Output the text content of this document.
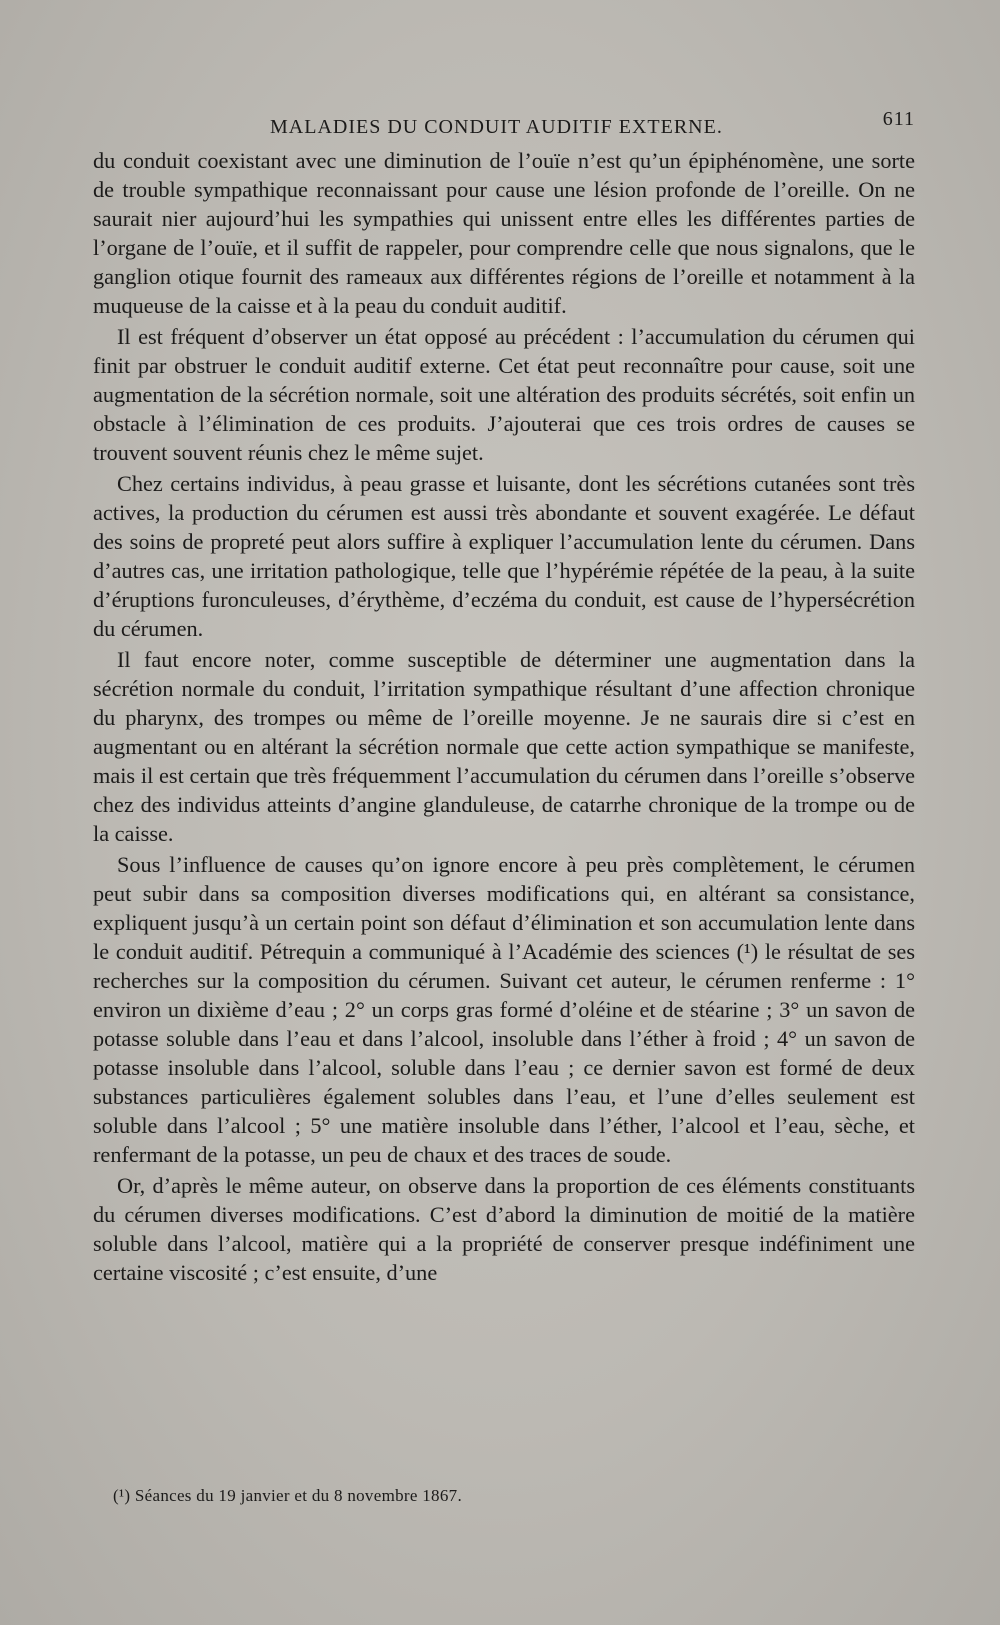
MALADIES DU CONDUIT AUDITIF EXTERNE.	611

du conduit coexistant avec une diminution de l’ouïe n’est qu’un épiphénomène, une sorte de trouble sympathique reconnaissant pour cause une lésion profonde de l’oreille. On ne saurait nier aujourd’hui les sympathies qui unissent entre elles les différentes parties de l’organe de l’ouïe, et il suffit de rappeler, pour comprendre celle que nous signalons, que le ganglion otique fournit des rameaux aux différentes régions de l’oreille et notamment à la muqueuse de la caisse et à la peau du conduit auditif.

Il est fréquent d’observer un état opposé au précédent : l’accumulation du cérumen qui finit par obstruer le conduit auditif externe. Cet état peut reconnaître pour cause, soit une augmentation de la sécrétion normale, soit une altération des produits sécrétés, soit enfin un obstacle à l’élimination de ces produits. J’ajouterai que ces trois ordres de causes se trouvent souvent réunis chez le même sujet.

Chez certains individus, à peau grasse et luisante, dont les sécrétions cutanées sont très actives, la production du cérumen est aussi très abondante et souvent exagérée. Le défaut des soins de propreté peut alors suffire à expliquer l’accumulation lente du cérumen. Dans d’autres cas, une irritation pathologique, telle que l’hypérémie répétée de la peau, à la suite d’éruptions furonculeuses, d’érythème, d’eczéma du conduit, est cause de l’hypersécrétion du cérumen.

Il faut encore noter, comme susceptible de déterminer une augmentation dans la sécrétion normale du conduit, l’irritation sympathique résultant d’une affection chronique du pharynx, des trompes ou même de l’oreille moyenne. Je ne saurais dire si c’est en augmentant ou en altérant la sécrétion normale que cette action sympathique se manifeste, mais il est certain que très fréquemment l’accumulation du cérumen dans l’oreille s’observe chez des individus atteints d’angine glanduleuse, de catarrhe chronique de la trompe ou de la caisse.

Sous l’influence de causes qu’on ignore encore à peu près complètement, le cérumen peut subir dans sa composition diverses modifications qui, en altérant sa consistance, expliquent jusqu’à un certain point son défaut d’élimination et son accumulation lente dans le conduit auditif. Pétrequin a communiqué à l’Académie des sciences (¹) le résultat de ses recherches sur la composition du cérumen. Suivant cet auteur, le cérumen renferme : 1° environ un dixième d’eau ; 2° un corps gras formé d’oléine et de stéarine ; 3° un savon de potasse soluble dans l’eau et dans l’alcool, insoluble dans l’éther à froid ; 4° un savon de potasse insoluble dans l’alcool, soluble dans l’eau ; ce dernier savon est formé de deux substances particulières également solubles dans l’eau, et l’une d’elles seulement est soluble dans l’alcool ; 5° une matière insoluble dans l’éther, l’alcool et l’eau, sèche, et renfermant de la potasse, un peu de chaux et des traces de soude.

Or, d’après le même auteur, on observe dans la proportion de ces éléments constituants du cérumen diverses modifications. C’est d’abord la diminution de moitié de la matière soluble dans l’alcool, matière qui a la propriété de conserver presque indéfiniment une certaine viscosité ; c’est ensuite, d’une

(¹) Séances du 19 janvier et du 8 novembre 1867.
